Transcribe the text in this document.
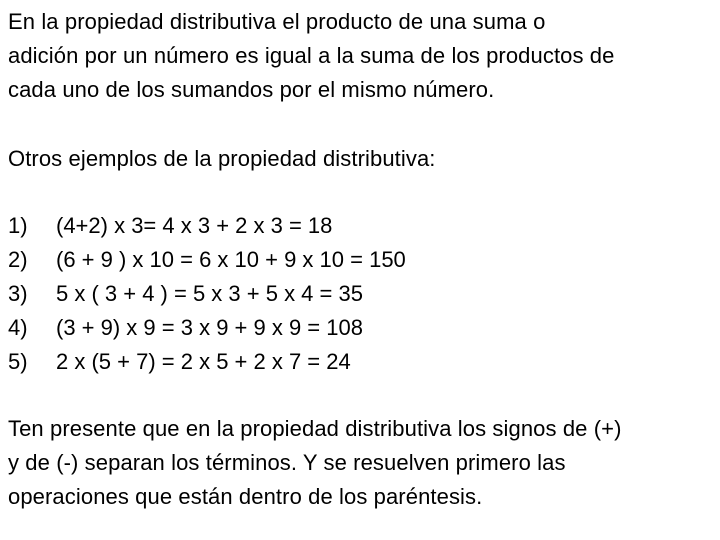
En la propiedad distributiva el producto de una suma o
adición por un número es igual a la suma de los productos de
cada uno de los sumandos por el mismo número.

Otros ejemplos de la propiedad distributiva:

1)	(4+2) x 3= 4 x 3 + 2 x 3 = 18
2)	(6 + 9 ) x 10 = 6 x 10 + 9 x 10 = 150
3)	5 x ( 3 + 4 ) = 5 x 3 + 5 x 4 = 35
4)	(3 + 9) x 9 = 3 x 9 + 9 x 9 = 108
5)	2 x (5 + 7) = 2 x 5 + 2 x 7 = 24

Ten presente que en la propiedad distributiva los signos de (+)
y de (-) separan los términos. Y se resuelven primero las
operaciones que están dentro de los paréntesis.
